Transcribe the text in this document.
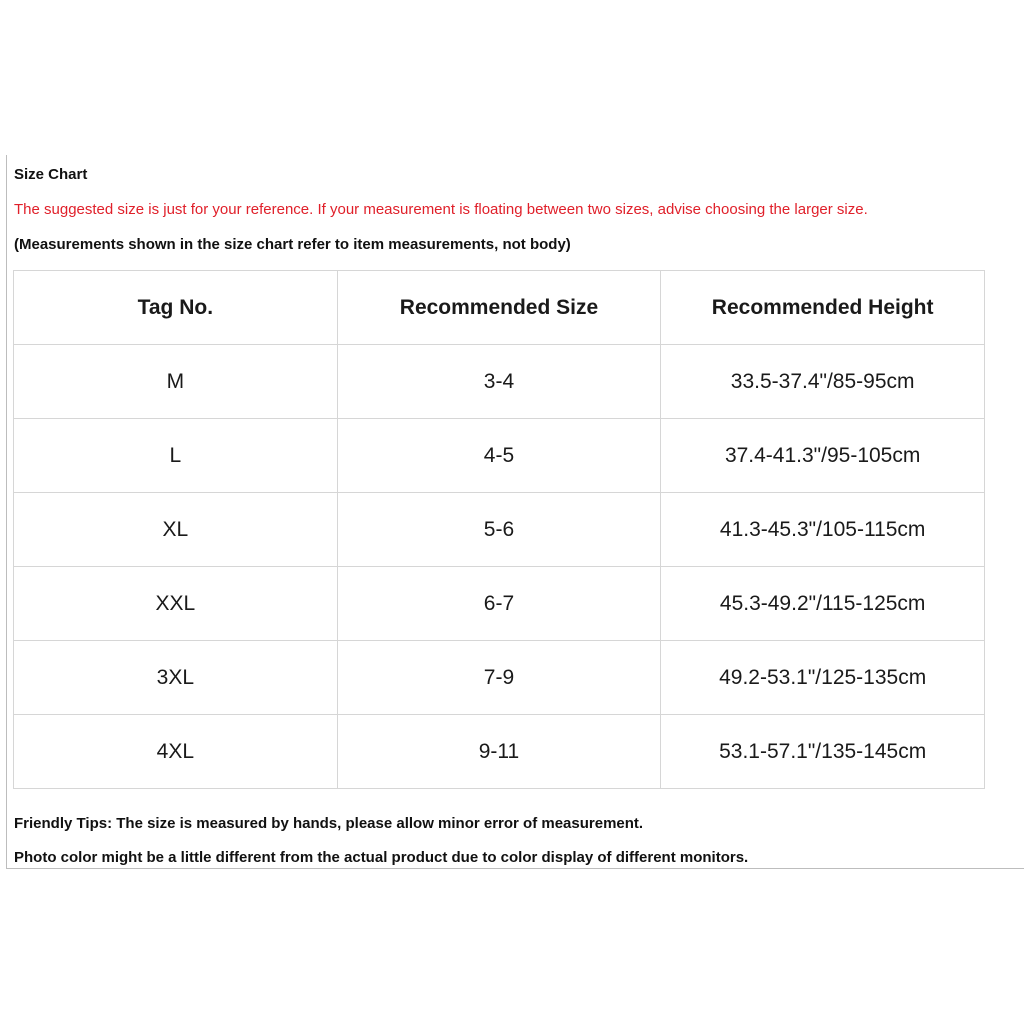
Size Chart
The suggested size is just for your reference. If your measurement is floating between two sizes, advise choosing the larger size.
(Measurements shown in the size chart refer to item measurements, not body)
Tag No.	Recommended Size	Recommended Height
M	3-4	33.5-37.4"/85-95cm
L	4-5	37.4-41.3"/95-105cm
XL	5-6	41.3-45.3"/105-115cm
XXL	6-7	45.3-49.2"/115-125cm
3XL	7-9	49.2-53.1"/125-135cm
4XL	9-11	53.1-57.1"/135-145cm
Friendly Tips: The size is measured by hands, please allow minor error of measurement.
Photo color might be a little different from the actual product due to color display of different monitors.
